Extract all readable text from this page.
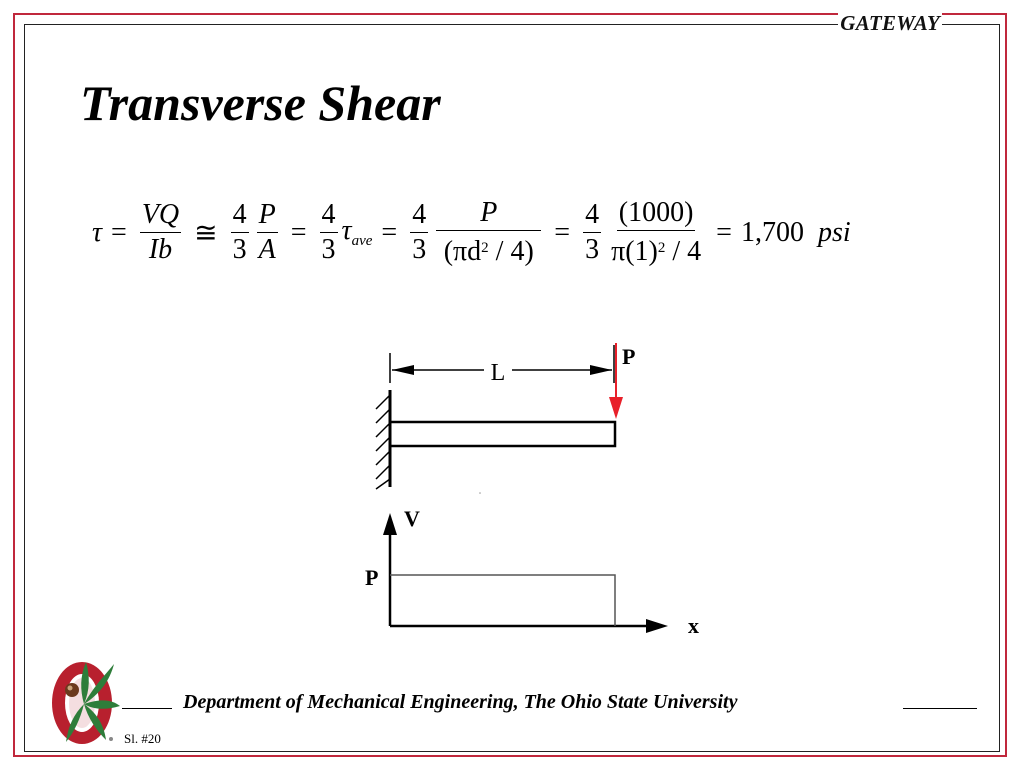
GATEWAY
Transverse Shear
$\tau = \frac{VQ}{Ib}$ ≅ $\frac{4}{3} \frac{P}{A} = \frac{4}{3} \tau_{ave} = \frac{4}{3} \frac{P}{(\pi d^2 / 4)} = \frac{4}{3} \frac{(1000)}{\pi(1)^2 / 4} = 1,700$ psi
L
P
V
x
P
Department of Mechanical Engineering, The Ohio State University
Sl. #20
